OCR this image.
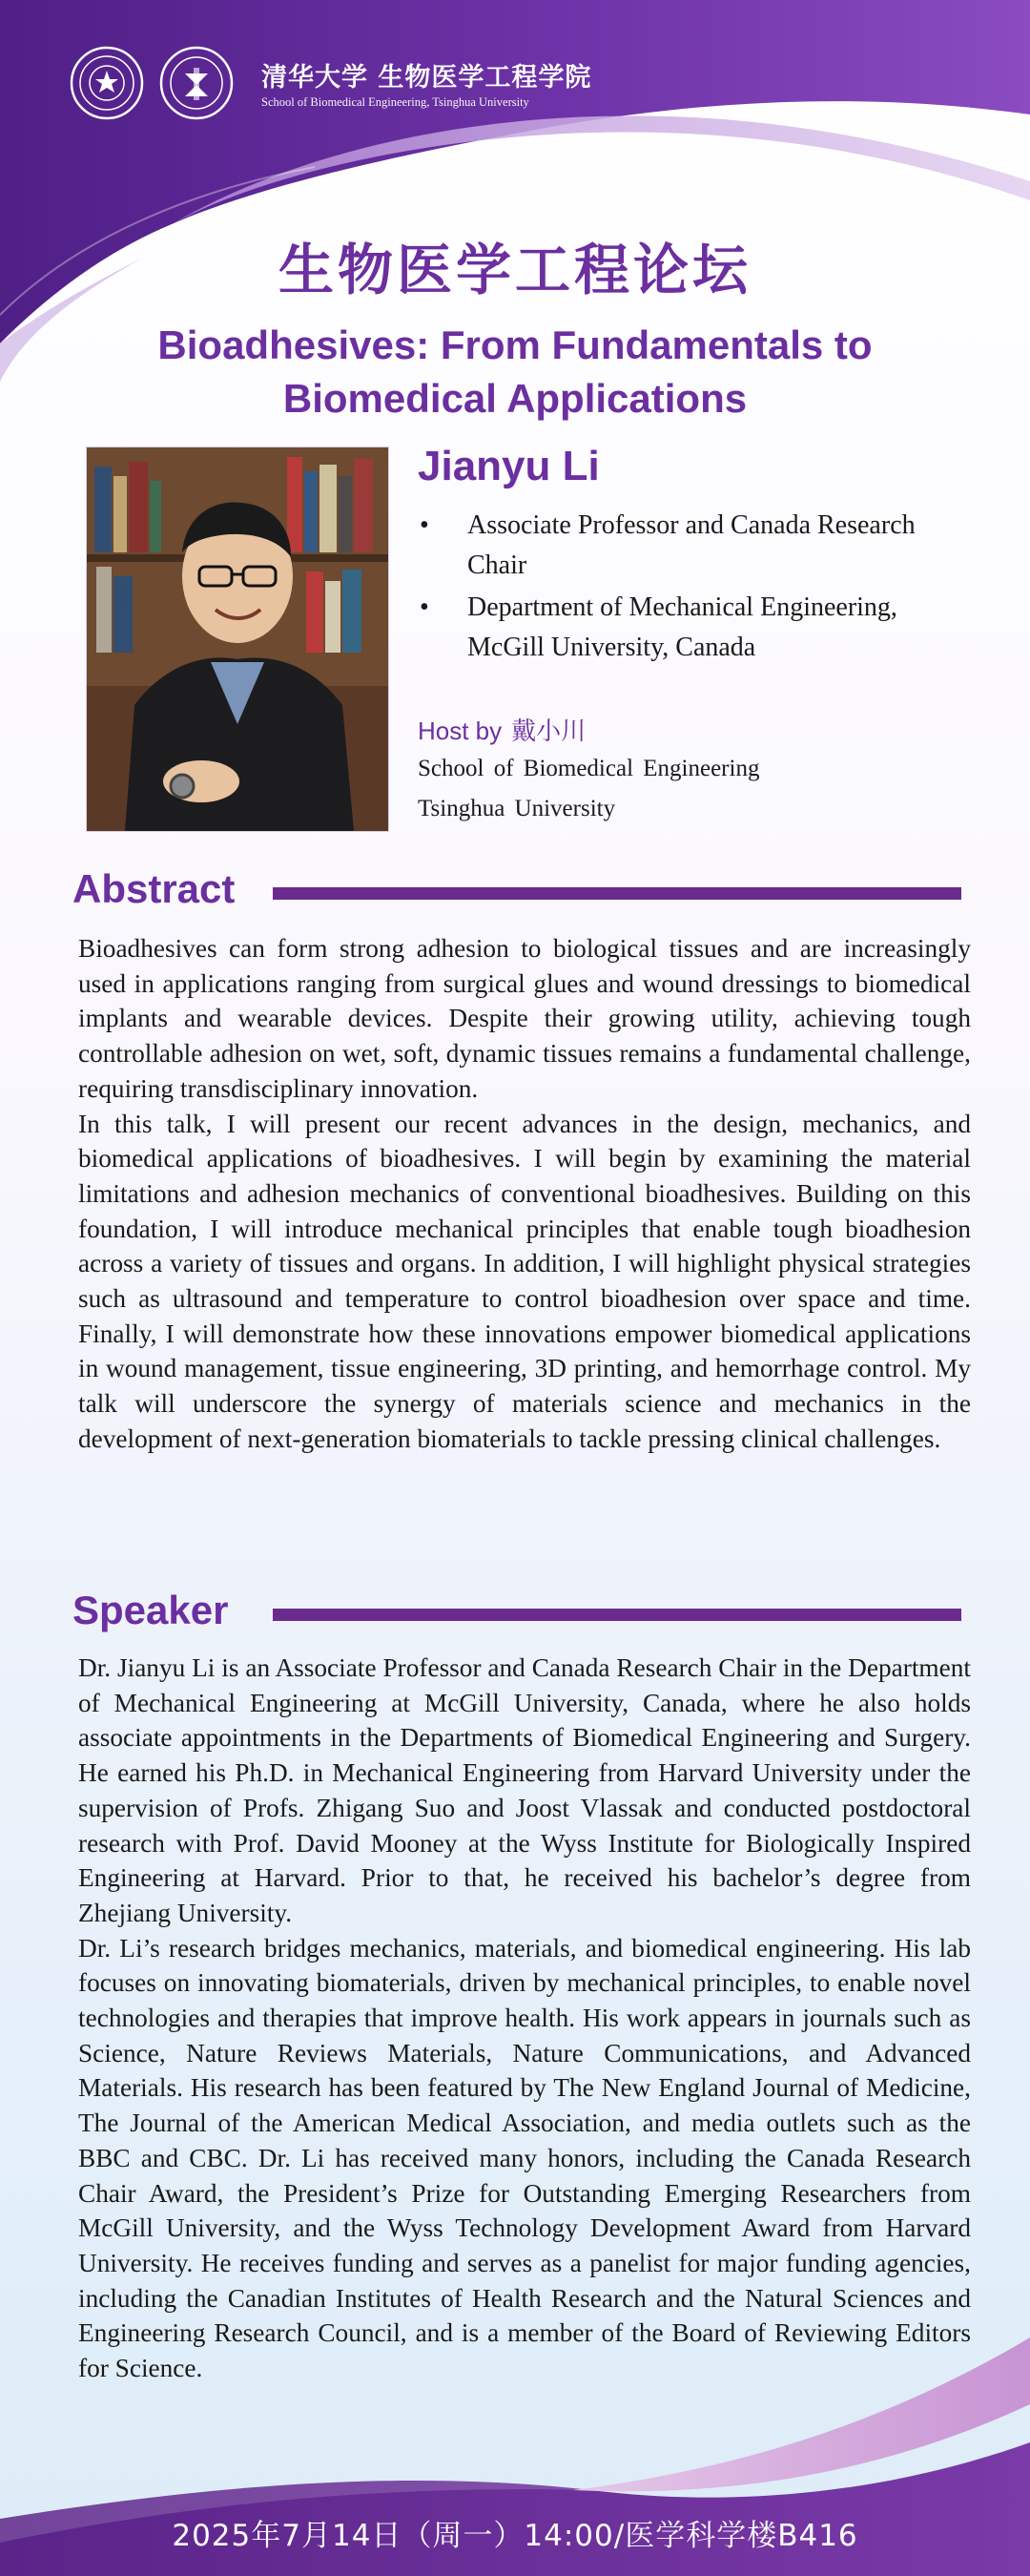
清华大学 生物医学工程学院
School of Biomedical Engineering, Tsinghua University
生物医学工程论坛
Bioadhesives: From Fundamentals to
Biomedical Applications
Jianyu Li
• Associate Professor and Canada Research
Chair
• Department of Mechanical Engineering,
McGill University, Canada
Host by 戴小川
School of Biomedical Engineering
Tsinghua University
Abstract

Bioadhesives can form strong adhesion to biological tissues and are increasingly used in applications ranging from surgical glues and wound dressings to biomedical implants and wearable devices. Despite their growing utility, achieving tough controllable adhesion on wet, soft, dynamic tissues remains a fundamental challenge, requiring transdisciplinary innovation.

In this talk, I will present our recent advances in the design, mechanics, and biomedical applications of bioadhesives. I will begin by examining the material limitations and adhesion mechanics of conventional bioadhesives. Building on this foundation, I will introduce mechanical principles that enable tough bioadhesion across a variety of tissues and organs. In addition, I will highlight physical strategies such as ultrasound and temperature to control bioadhesion over space and time. Finally, I will demonstrate how these innovations empower biomedical applications in wound management, tissue engineering, 3D printing, and hemorrhage control. My talk will underscore the synergy of materials science and mechanics in the development of next-generation biomaterials to tackle pressing clinical challenges.

Speaker

Dr. Jianyu Li is an Associate Professor and Canada Research Chair in the Department of Mechanical Engineering at McGill University, Canada, where he also holds associate appointments in the Departments of Biomedical Engineering and Surgery. He earned his Ph.D. in Mechanical Engineering from Harvard University under the supervision of Profs. Zhigang Suo and Joost Vlassak and conducted postdoctoral research with Prof. David Mooney at the Wyss Institute for Biologically Inspired Engineering at Harvard. Prior to that, he received his bachelor’s degree from Zhejiang University.

Dr. Li’s research bridges mechanics, materials, and biomedical engineering. His lab focuses on innovating biomaterials, driven by mechanical principles, to enable novel technologies and therapies that improve health. His work appears in journals such as Science, Nature Reviews Materials, Nature Communications, and Advanced Materials. His research has been featured by The New England Journal of Medicine, The Journal of the American Medical Association, and media outlets such as the BBC and CBC. Dr. Li has received many honors, including the Canada Research Chair Award, the President’s Prize for Outstanding Emerging Researchers from McGill University, and the Wyss Technology Development Award from Harvard University. He receives funding and serves as a panelist for major funding agencies, including the Canadian Institutes of Health Research and the Natural Sciences and Engineering Research Council, and is a member of the Board of Reviewing Editors for Science.

2025年7月14日（周一）14:00/医学科学楼B416
